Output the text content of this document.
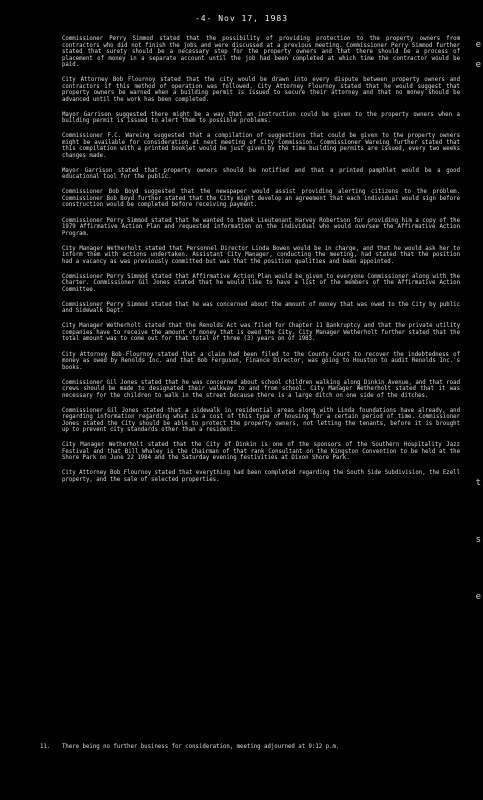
-4- Nov 17, 1983

Commissioner Perry Simmod stated that the possibility of providing protection to the property owners from contractors who did not finish the jobs and were discussed at a previous meeting. Commissioner Perry Simmod further stated that surety should be a necessary step for the property owners and that there should be a process of placement of money in a separate account until the job had been completed at which time the contractor would be paid.

City Attorney Bob Flournoy stated that the city would be drawn into every dispute between property owners and contractors if this method of operation was followed. City Attorney Flournoy stated that he would suggest that property owners be warned when a building permit is issued to secure their attorney and that no money should be advanced until the work has been completed.

Mayor Garrison suggested there might be a way that an instruction could be given to the property owners when a building permit is issued to alert them to possible problems.

Commissioner F.C. Wareing suggested that a compilation of suggestions that could be given to the property owners might be available for consideration at next meeting of City Commission. Commissioner Wareing further stated that this compilation with a printed booklet would be just given by the time building permits are issued, every two weeks changes made.

Mayor Garrison stated that property owners should be notified and that a printed pamphlet would be a good educational tool for the public.

Commissioner Bob Boyd suggested that the newspaper would assist providing alerting citizens to the problem. Commissioner Bob Boyd further stated that the City might develop an agreement that each individual would sign before construction would be completed before receiving payment.

Commissioner Perry Simmod stated that he wanted to thank Lieutenant Harvey Robertson for providing him a copy of the 1979 Affirmative Action Plan and requested information on the individual who would oversee the Affirmative Action Program.

City Manager Wetherholt stated that Personnel Director Linda Bowen would be in charge, and that he would ask her to inform them with actions undertaken. Assistant City Manager, conducting the meeting, had stated that the position had a vacancy as was previously committed but was that the position qualities and been appointed.

Commissioner Perry Simmod stated that Affirmative Action Plan would be given to everyone Commissioner along with the Charter. Commissioner Gil Jones stated that he would like to have a list of the members of the Affirmative Action Committee.

Commissioner Perry Simmod stated that he was concerned about the amount of money that was owed to the City by public and Sidewalk Dept.

City Manager Wetherholt stated that the Renolds Act was filed for Chapter 11 Bankruptcy and that the private utility companies have to receive the amount of money that is owed the City. City Manager Wetherholt further stated that the total amount was to come out for that total of three (3) years on of 1983.

City Attorney Bob Flournoy stated that a claim had been filed to the County Court to recover the indebtedness of money as owed by Renolds Inc. and that Bob Ferguson, Finance Director, was going to Houston to audit Renolds Inc.'s books.

Commissioner Gil Jones stated that he was concerned about school children walking along Dinkin Avenue, and that road crews should be made to designated their walkway to and from school. City Manager Wetherholt stated that it was necessary for the children to walk in the street because there is a large ditch on one side of the ditches.

Commissioner Gil Jones stated that a sidewalk in residential areas along with Linda foundations have already, and regarding information regarding what is a cost of this type of housing for a certain period of time. Commissioner Jones stated the City should be able to protect the property owners, not letting the tenants, before it is brought up to prevent city standards other than a resident.

City Manager Wetherholt stated that the City of Dinkin is one of the sponsors of the Southern Hospitality Jazz Festival and that Bill Whaley is the Chairman of that rank Consultant on the Kingston Convention to be held at the Shore Park on June 22 1984 and the Saturday evening festivities at Dixon Shore Park.

City Attorney Bob Flournoy stated that everything had been completed regarding the South Side Subdivision, the Ezell property, and the sale of selected properties.

11. There being no further business for consideration, meeting adjourned at 9:12 p.m.
e
e
t
s
e
